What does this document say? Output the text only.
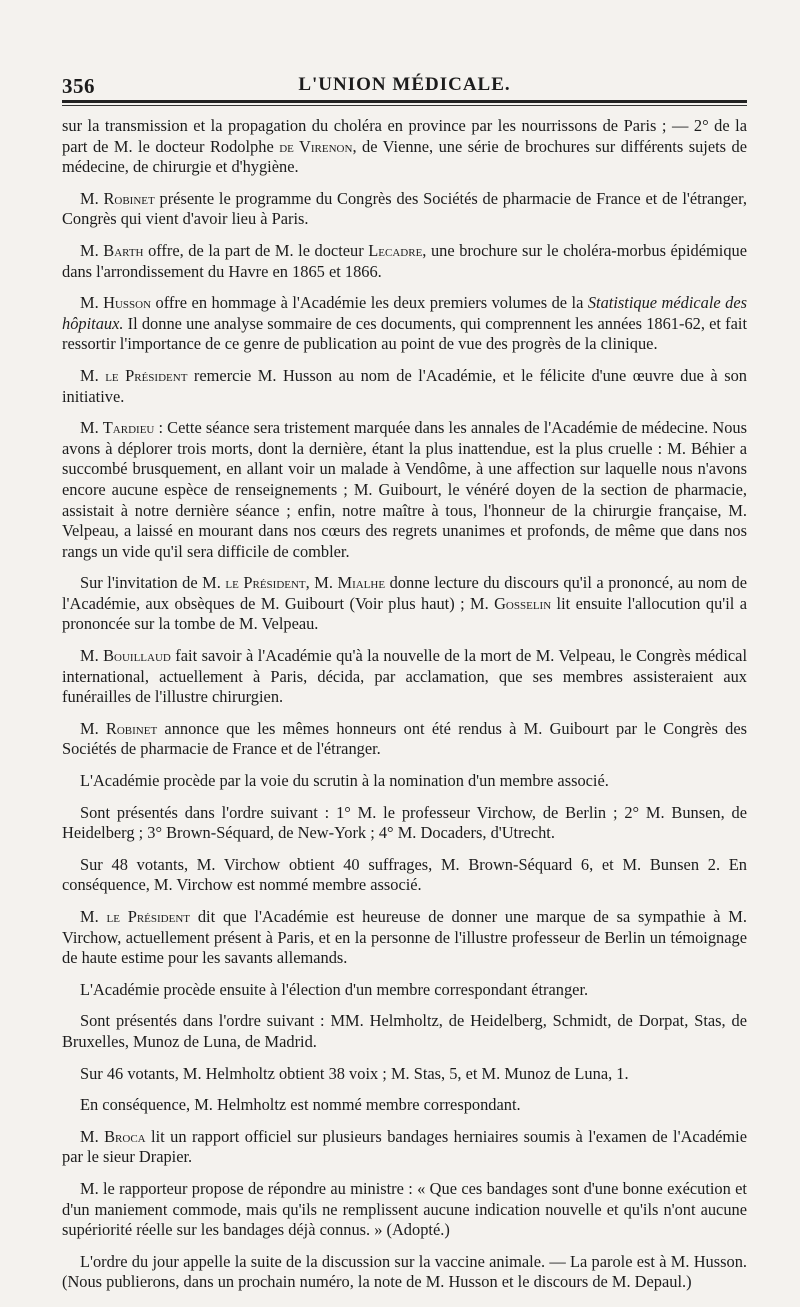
356	L'UNION MÉDICALE.

sur la transmission et la propagation du choléra en province par les nourrissons de Paris ; — 2° de la part de M. le docteur Rodolphe de Virenon, de Vienne, une série de brochures sur différents sujets de médecine, de chirurgie et d'hygiène.

M. Robinet présente le programme du Congrès des Sociétés de pharmacie de France et de l'étranger, Congrès qui vient d'avoir lieu à Paris.

M. Barth offre, de la part de M. le docteur Lecadre, une brochure sur le choléra-morbus épidémique dans l'arrondissement du Havre en 1865 et 1866.

M. Husson offre en hommage à l'Académie les deux premiers volumes de la Statistique médicale des hôpitaux. Il donne une analyse sommaire de ces documents, qui comprennent les années 1861-62, et fait ressortir l'importance de ce genre de publication au point de vue des progrès de la clinique.

M. le Président remercie M. Husson au nom de l'Académie, et le félicite d'une œuvre due à son initiative.

M. Tardieu : Cette séance sera tristement marquée dans les annales de l'Académie de médecine. Nous avons à déplorer trois morts, dont la dernière, étant la plus inattendue, est la plus cruelle : M. Béhier a succombé brusquement, en allant voir un malade à Vendôme, à une affection sur laquelle nous n'avons encore aucune espèce de renseignements ; M. Guibourt, le vénéré doyen de la section de pharmacie, assistait à notre dernière séance ; enfin, notre maître à tous, l'honneur de la chirurgie française, M. Velpeau, a laissé en mourant dans nos cœurs des regrets unanimes et profonds, de même que dans nos rangs un vide qu'il sera difficile de combler.

Sur l'invitation de M. le Président, M. Mialhe donne lecture du discours qu'il a prononcé, au nom de l'Académie, aux obsèques de M. Guibourt (Voir plus haut) ; M. Gosselin lit ensuite l'allocution qu'il a prononcée sur la tombe de M. Velpeau.

M. Bouillaud fait savoir à l'Académie qu'à la nouvelle de la mort de M. Velpeau, le Congrès médical international, actuellement à Paris, décida, par acclamation, que ses membres assisteraient aux funérailles de l'illustre chirurgien.

M. Robinet annonce que les mêmes honneurs ont été rendus à M. Guibourt par le Congrès des Sociétés de pharmacie de France et de l'étranger.

L'Académie procède par la voie du scrutin à la nomination d'un membre associé.

Sont présentés dans l'ordre suivant : 1° M. le professeur Virchow, de Berlin ; 2° M. Bunsen, de Heidelberg ; 3° Brown-Séquard, de New-York ; 4° M. Docaders, d'Utrecht.

Sur 48 votants, M. Virchow obtient 40 suffrages, M. Brown-Séquard 6, et M. Bunsen 2. En conséquence, M. Virchow est nommé membre associé.

M. le Président dit que l'Académie est heureuse de donner une marque de sa sympathie à M. Virchow, actuellement présent à Paris, et en la personne de l'illustre professeur de Berlin un témoignage de haute estime pour les savants allemands.

L'Académie procède ensuite à l'élection d'un membre correspondant étranger.

Sont présentés dans l'ordre suivant : MM. Helmholtz, de Heidelberg, Schmidt, de Dorpat, Stas, de Bruxelles, Munoz de Luna, de Madrid.

Sur 46 votants, M. Helmholtz obtient 38 voix ; M. Stas, 5, et M. Munoz de Luna, 1.

En conséquence, M. Helmholtz est nommé membre correspondant.

M. Broca lit un rapport officiel sur plusieurs bandages herniaires soumis à l'examen de l'Académie par le sieur Drapier.

M. le rapporteur propose de répondre au ministre : « Que ces bandages sont d'une bonne exécution et d'un maniement commode, mais qu'ils ne remplissent aucune indication nouvelle et qu'ils n'ont aucune supériorité réelle sur les bandages déjà connus. » (Adopté.)

L'ordre du jour appelle la suite de la discussion sur la vaccine animale. — La parole est à M. Husson. (Nous publierons, dans un prochain numéro, la note de M. Husson et le discours de M. Depaul.)
